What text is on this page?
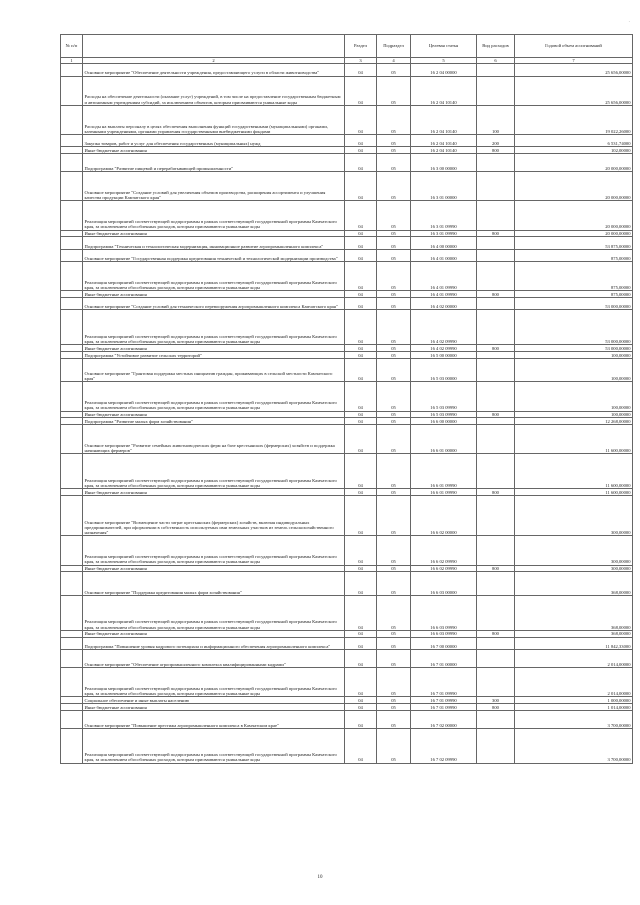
·
№ п/п		Раздел	Подраздел	Целевая статья	Вид расходов	Годовой объем ассигнований
1	2	3	4	5	6	7
	Основное мероприятие "Обеспечение деятельности учреждения, предоставляющего услуги в области животноводства"	04	05	16 2 04 00000		25 656,00000
	Расходы на обеспечение деятельности (оказание услуг) учреждений, в том числе на предоставление государственным бюджетным и автономным учреждениям субсидий, за исключением объектов, которым присваиваются уникальные коды	04	05	16 2 04 10140		25 656,00000
	Расходы на выплаты персоналу в целях обеспечения выполнения функций государственными (муниципальными) органами, казенными учреждениями, органами управления государственными внебюджетными фондами	04	05	16 2 04 10140	100	19 022,26000
	Закупка товаров, работ и услуг для обеспечения государственных (муниципальных) нужд	04	05	16 2 04 10140	200	6 531,74000
	Иные бюджетные ассигнования	04	05	16 2 04 10140	800	102,00000
	Подпрограмма "Развитие пищевой и перерабатывающей промышленности"	04	05	16 3 00 00000		20 000,00000
	Основное мероприятие "Создание условий для увеличения объемов производства, расширения ассортимента и улучшения качества продукции Камчатского края"	04	05	16 3 01 00000		20 000,00000
	Реализация мероприятий соответствующей подпрограммы в рамках соответствующей государственной программы Камчатского края, за исключением обособленных расходов, которым присваиваются уникальные коды	04	05	16 3 01 09990		20 000,00000
	Иные бюджетные ассигнования	04	05	16 3 01 09990	800	20 000,00000
	Подпрограмма "Техническая и технологическая модернизация, инновационное развитие агропромышленного комплекса"	04	05	16 4 00 00000		53 875,00000
	Основное мероприятие "Государственная поддержка кредитования технической и технологической модернизации производства"	04	05	16 4 01 00000		875,00000
	Реализация мероприятий соответствующей подпрограммы в рамках соответствующей государственной программы Камчатского края, за исключением обособленных расходов, которым присваиваются уникальные коды	04	05	16 4 01 09990		875,00000
	Иные бюджетные ассигнования	04	05	16 4 01 09990	800	875,00000
	Основное мероприятие "Создание условий для технического перевооружения агропромышленного комплекса Камчатского края"	04	05	16 4 02 00000		53 000,00000
	Реализация мероприятий соответствующей подпрограммы в рамках соответствующей государственной программы Камчатского края, за исключением обособленных расходов, которым присваиваются уникальные коды	04	05	16 4 02 09990		53 000,00000
	Иные бюджетные ассигнования	04	05	16 4 02 09990	800	53 000,00000
	Подпрограмма "Устойчивое развитие сельских территорий"	04	05	16 5 00 00000		100,00000
	Основное мероприятие "Грантовая поддержка местных инициатив граждан, проживающих в сельской местности Камчатского края"	04	05	16 5 03 00000		100,00000
	Реализация мероприятий соответствующей подпрограммы в рамках соответствующей государственной программы Камчатского края, за исключением обособленных расходов, которым присваиваются уникальные коды	04	05	16 5 03 09990		100,00000
	Иные бюджетные ассигнования	04	05	16 5 03 09990	800	100,00000
	Подпрограмма "Развитие малых форм хозяйствования"	04	05	16 6 00 00000		12 268,00000
	Основное мероприятие "Развитие семейных животноводческих ферм на базе крестьянских (фермерских) хозяйств и поддержка начинающих фермеров"	04	05	16 6 01 00000		11 600,00000
	Реализация мероприятий соответствующей подпрограммы в рамках соответствующей государственной программы Камчатского края, за исключением обособленных расходов, которым присваиваются уникальные коды	04	05	16 6 01 09990		11 600,00000
	Иные бюджетные ассигнования	04	05	16 6 01 09990	800	11 600,00000
	Основное мероприятие "Возмещение части затрат крестьянских (фермерских) хозяйств, включая индивидуальных предпринимателей, при оформлении в собственность используемых ими земельных участков из земель сельскохозяйственного назначения"	04	05	16 6 02 00000		300,00000
	Реализация мероприятий соответствующей подпрограммы в рамках соответствующей государственной программы Камчатского края, за исключением обособленных расходов, которым присваиваются уникальные коды	04	05	16 6 02 09990		300,00000
	Иные бюджетные ассигнования	04	05	16 6 02 09990	800	300,00000
	Основное мероприятие "Поддержка кредитования малых форм хозяйствования"	04	05	16 6 03 00000		368,00000
	Реализация мероприятий соответствующей подпрограммы в рамках соответствующей государственной программы Камчатского края, за исключением обособленных расходов, которым присваиваются уникальные коды	04	05	16 6 03 09990		368,00000
	Иные бюджетные ассигнования	04	05	16 6 03 09990	800	368,00000
	Подпрограмма "Повышение уровня кадрового потенциала и информационного обеспечения агропромышленного комплекса"	04	05	16 7 00 00000		11 842,33000
	Основное мероприятие "Обеспечение агропромышленного комплекса квалифицированными кадрами"	04	05	16 7 01 00000		2 014,00000
	Реализация мероприятий соответствующей подпрограммы в рамках соответствующей государственной программы Камчатского края, за исключением обособленных расходов, которым присваиваются уникальные коды	04	05	16 7 01 09990		2 014,00000
	Социальное обеспечение и иные выплаты населению	04	05	16 7 01 09990	300	1 000,00000
	Иные бюджетные ассигнования	04	05	16 7 01 09990	800	1 014,00000
	Основное мероприятие "Повышение престижа агропромышленного комплекса в Камчатском крае"	04	05	16 7 02 00000		3 700,00000
	Реализация мероприятий соответствующей подпрограммы в рамках соответствующей государственной программы Камчатского края, за исключением обособленных расходов, которым присваиваются уникальные коды	04	05	16 7 02 09990		3 700,00000
10
